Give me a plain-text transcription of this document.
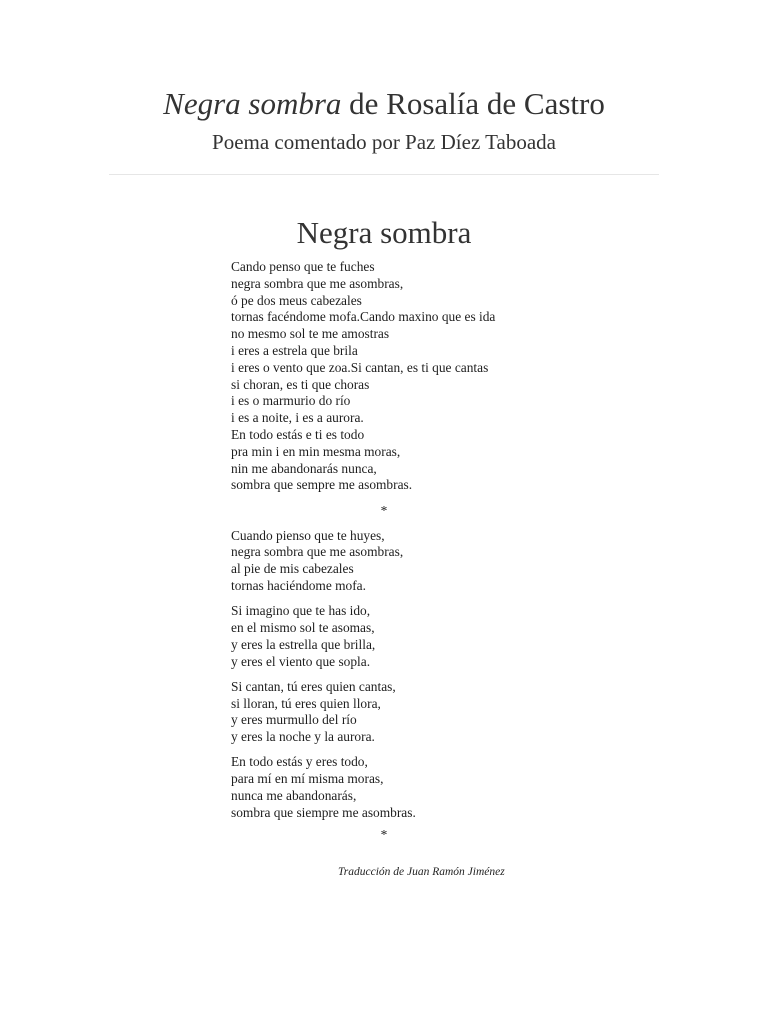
Negra sombra de Rosalía de Castro
Poema comentado por Paz Díez Taboada
Negra sombra
Cando penso que te fuches
negra sombra que me asombras,
ó pe dos meus cabezales
tornas facéndome mofa.Cando maxino que es ida
no mesmo sol te me amostras
i eres a estrela que brila
i eres o vento que zoa.Si cantan, es ti que cantas
si choran, es ti que choras
i es o marmurio do río
i es a noite, i es a aurora.
En todo estás e ti es todo
pra min i en min mesma moras,
nin me abandonarás nunca,
sombra que sempre me asombras.
*
Cuando pienso que te huyes,
negra sombra que me asombras,
al pie de mis cabezales
tornas haciéndome mofa.
Si imagino que te has ido,
en el mismo sol te asomas,
y eres la estrella que brilla,
y eres el viento que sopla.
Si cantan, tú eres quien cantas,
si lloran, tú eres quien llora,
y eres murmullo del río
y eres la noche y la aurora.
En todo estás y eres todo,
para mí en mí misma moras,
nunca me abandonarás,
sombra que siempre me asombras.
*
Traducción de Juan Ramón Jiménez
